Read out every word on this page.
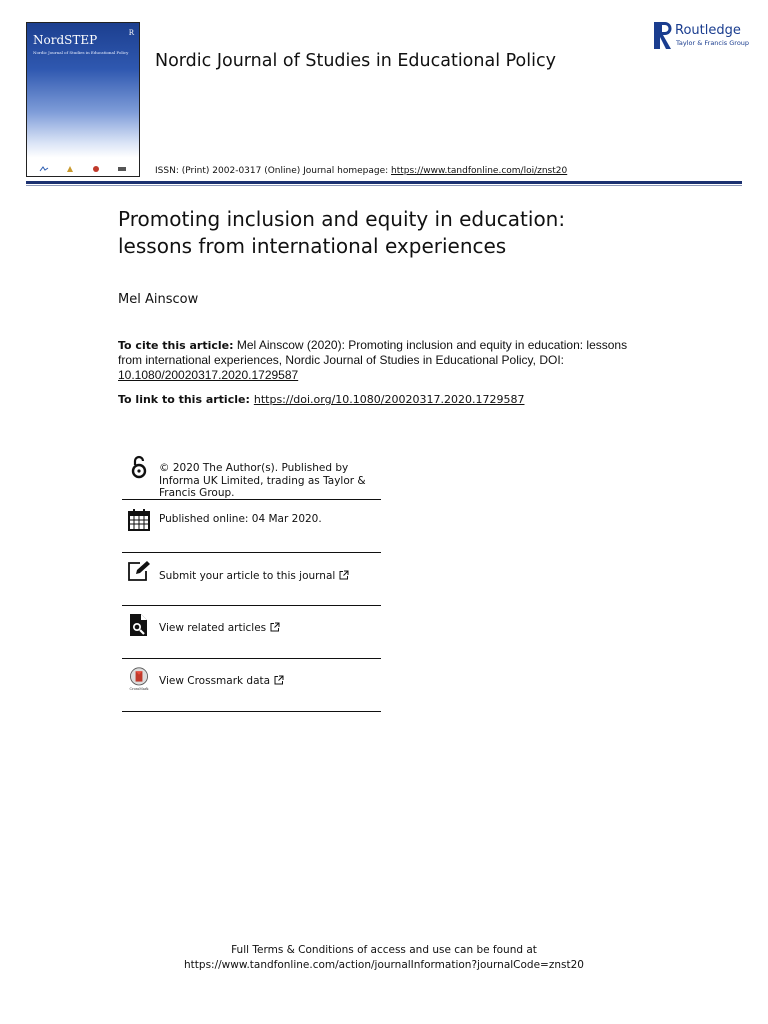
NordSTEP	R
Nordic Journal of Studies in Educational Policy	Nordic Journal of Studies in Educational Policy
Routledge
Taylor & Francis Group
ISSN: (Print) 2002-0317 (Online) Journal homepage: https://www.tandfonline.com/loi/znst20
Promoting inclusion and equity in education:
lessons from international experiences
Mel Ainscow
To cite this article: Mel Ainscow (2020): Promoting inclusion and equity in education: lessons from international experiences, Nordic Journal of Studies in Educational Policy, DOI: 10.1080/20020317.2020.1729587
To link to this article: https://doi.org/10.1080/20020317.2020.1729587
© 2020 The Author(s). Published by Informa UK Limited, trading as Taylor & Francis Group.
Published online: 04 Mar 2020.
Submit your article to this journal
View related articles
CrossMark
View Crossmark data
Full Terms & Conditions of access and use can be found at
https://www.tandfonline.com/action/journalInformation?journalCode=znst20
